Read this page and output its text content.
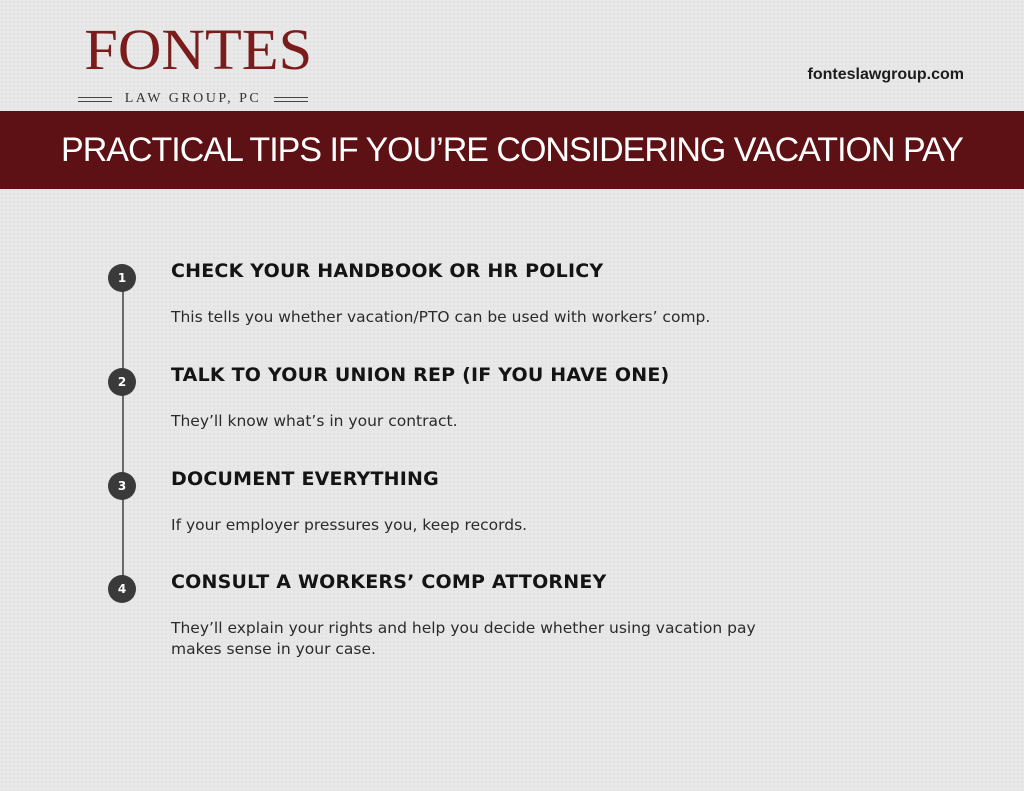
FONTES
LAW GROUP, PC
fonteslawgroup.com
PRACTICAL TIPS IF YOU’RE CONSIDERING VACATION PAY
1	CHECK YOUR HANDBOOK OR HR POLICY
This tells you whether vacation/PTO can be used with workers’ comp.
2	TALK TO YOUR UNION REP (IF YOU HAVE ONE)
They’ll know what’s in your contract.
3	DOCUMENT EVERYTHING
If your employer pressures you, keep records.
4	CONSULT A WORKERS’ COMP ATTORNEY
They’ll explain your rights and help you decide whether using vacation pay makes sense in your case.
